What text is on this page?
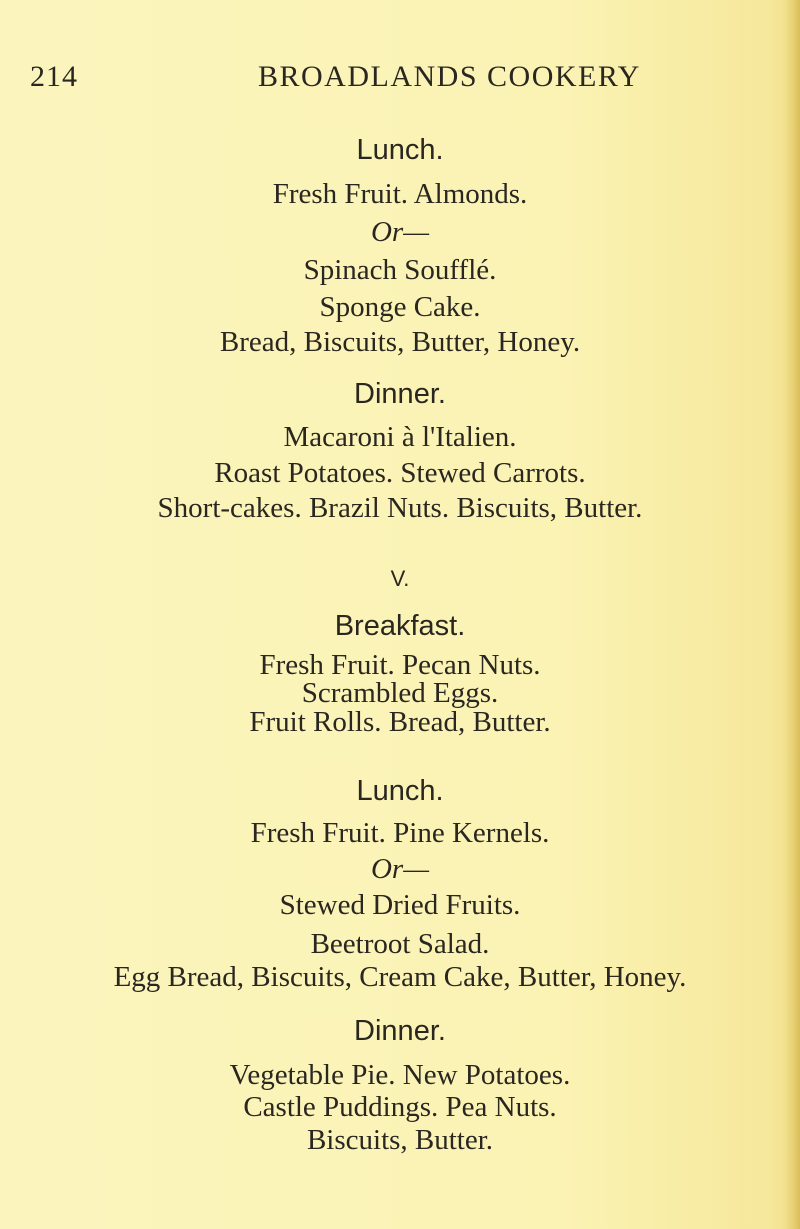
214	BROADLANDS COOKERY
Lunch.
Fresh Fruit. Almonds.
Or—
Spinach Soufflé.
Sponge Cake.
Bread, Biscuits, Butter, Honey.
Dinner.
Macaroni à l'Italien.
Roast Potatoes. Stewed Carrots.
Short-cakes. Brazil Nuts. Biscuits, Butter.
V.
Breakfast.
Fresh Fruit. Pecan Nuts.
Scrambled Eggs.
Fruit Rolls. Bread, Butter.
Lunch.
Fresh Fruit. Pine Kernels.
Or—
Stewed Dried Fruits.
Beetroot Salad.
Egg Bread, Biscuits, Cream Cake, Butter, Honey.
Dinner.
Vegetable Pie. New Potatoes.
Castle Puddings. Pea Nuts.
Biscuits, Butter.
